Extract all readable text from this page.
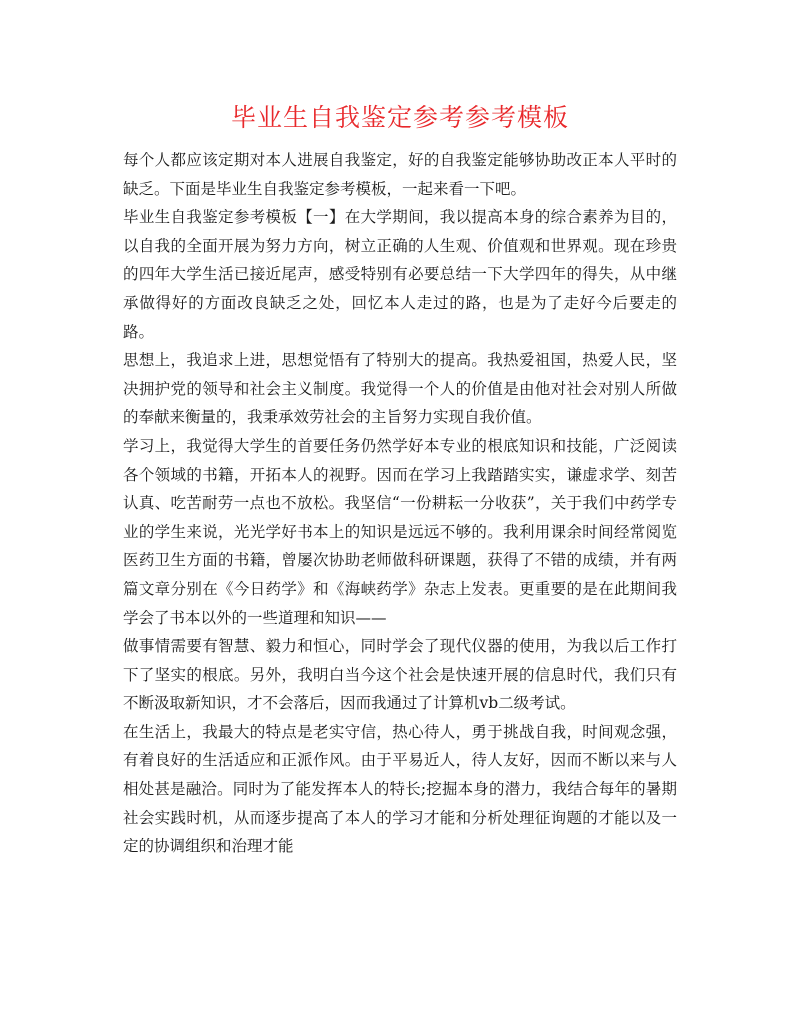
毕业生自我鉴定参考参考模板

每个人都应该定期对本人进展自我鉴定，好的自我鉴定能够协助改正本人平时的缺乏。下面是毕业生自我鉴定参考模板，一起来看一下吧。

毕业生自我鉴定参考模板【一】在大学期间，我以提高本身的综合素养为目的，以自我的全面开展为努力方向，树立正确的人生观、价值观和世界观。现在珍贵的四年大学生活已接近尾声，感受特别有必要总结一下大学四年的得失，从中继承做得好的方面改良缺乏之处，回忆本人走过的路，也是为了走好今后要走的路。

思想上，我追求上进，思想觉悟有了特别大的提高。我热爱祖国，热爱人民，坚决拥护党的领导和社会主义制度。我觉得一个人的价值是由他对社会对别人所做的奉献来衡量的，我秉承效劳社会的主旨努力实现自我价值。

学习上，我觉得大学生的首要任务仍然学好本专业的根底知识和技能，广泛阅读各个领域的书籍，开拓本人的视野。因而在学习上我踏踏实实，谦虚求学、刻苦认真、吃苦耐劳一点也不放松。我坚信“一份耕耘一分收获”，关于我们中药学专业的学生来说，光光学好书本上的知识是远远不够的。我利用课余时间经常阅览医药卫生方面的书籍，曾屡次协助老师做科研课题，获得了不错的成绩，并有两篇文章分别在《今日药学》和《海峡药学》杂志上发表。更重要的是在此期间我学会了书本以外的一些道理和知识——

做事情需要有智慧、毅力和恒心，同时学会了现代仪器的使用，为我以后工作打下了坚实的根底。另外，我明白当今这个社会是快速开展的信息时代，我们只有不断汲取新知识，才不会落后，因而我通过了计算机vb二级考试。

在生活上，我最大的特点是老实守信，热心待人，勇于挑战自我，时间观念强，有着良好的生活适应和正派作风。由于平易近人，待人友好，因而不断以来与人相处甚是融洽。同时为了能发挥本人的特长;挖掘本身的潜力，我结合每年的暑期社会实践时机，从而逐步提高了本人的学习才能和分析处理征询题的才能以及一定的协调组织和治理才能
